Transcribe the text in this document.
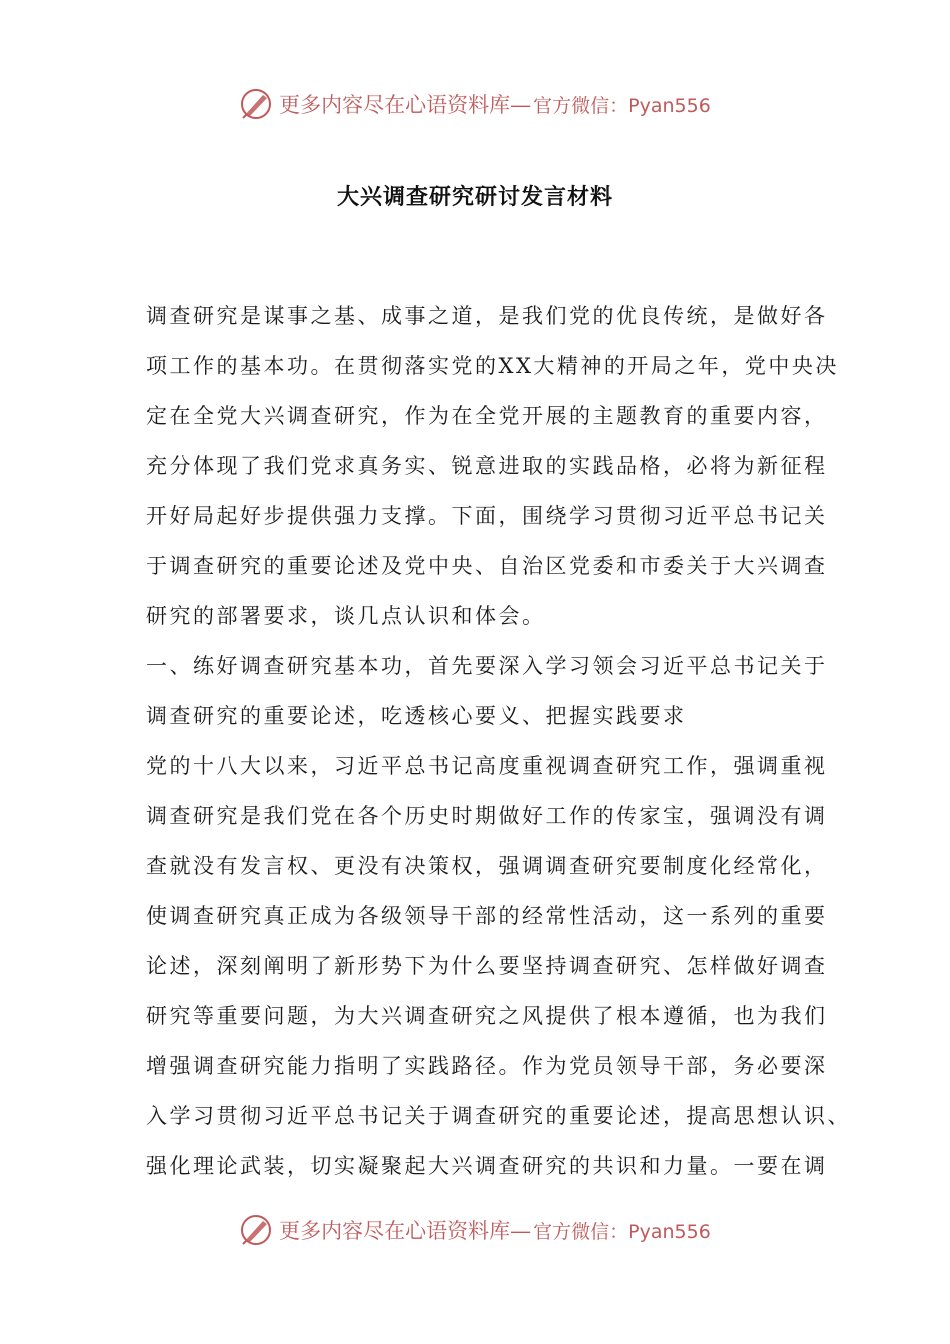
更多内容尽在心语资料库— 官方微信：Pyan556
大兴调查研究研讨发言材料
调查研究是谋事之基、成事之道，是我们党的优良传统，是做好各
项工作的基本功。在贯彻落实党的XX大精神的开局之年，党中央决
定在全党大兴调查研究，作为在全党开展的主题教育的重要内容，
充分体现了我们党求真务实、锐意进取的实践品格，必将为新征程
开好局起好步提供强力支撑。下面，围绕学习贯彻习近平总书记关
于调查研究的重要论述及党中央、自治区党委和市委关于大兴调查
研究的部署要求，谈几点认识和体会。
一、练好调查研究基本功，首先要深入学习领会习近平总书记关于
调查研究的重要论述，吃透核心要义、把握实践要求
党的十八大以来，习近平总书记高度重视调查研究工作，强调重视
调查研究是我们党在各个历史时期做好工作的传家宝，强调没有调
查就没有发言权、更没有决策权，强调调查研究要制度化经常化，
使调查研究真正成为各级领导干部的经常性活动，这一系列的重要
论述，深刻阐明了新形势下为什么要坚持调查研究、怎样做好调查
研究等重要问题，为大兴调查研究之风提供了根本遵循，也为我们
增强调查研究能力指明了实践路径。作为党员领导干部，务必要深
入学习贯彻习近平总书记关于调查研究的重要论述，提高思想认识、
强化理论武装，切实凝聚起大兴调查研究的共识和力量。一要在调
更多内容尽在心语资料库— 官方微信：Pyan556
